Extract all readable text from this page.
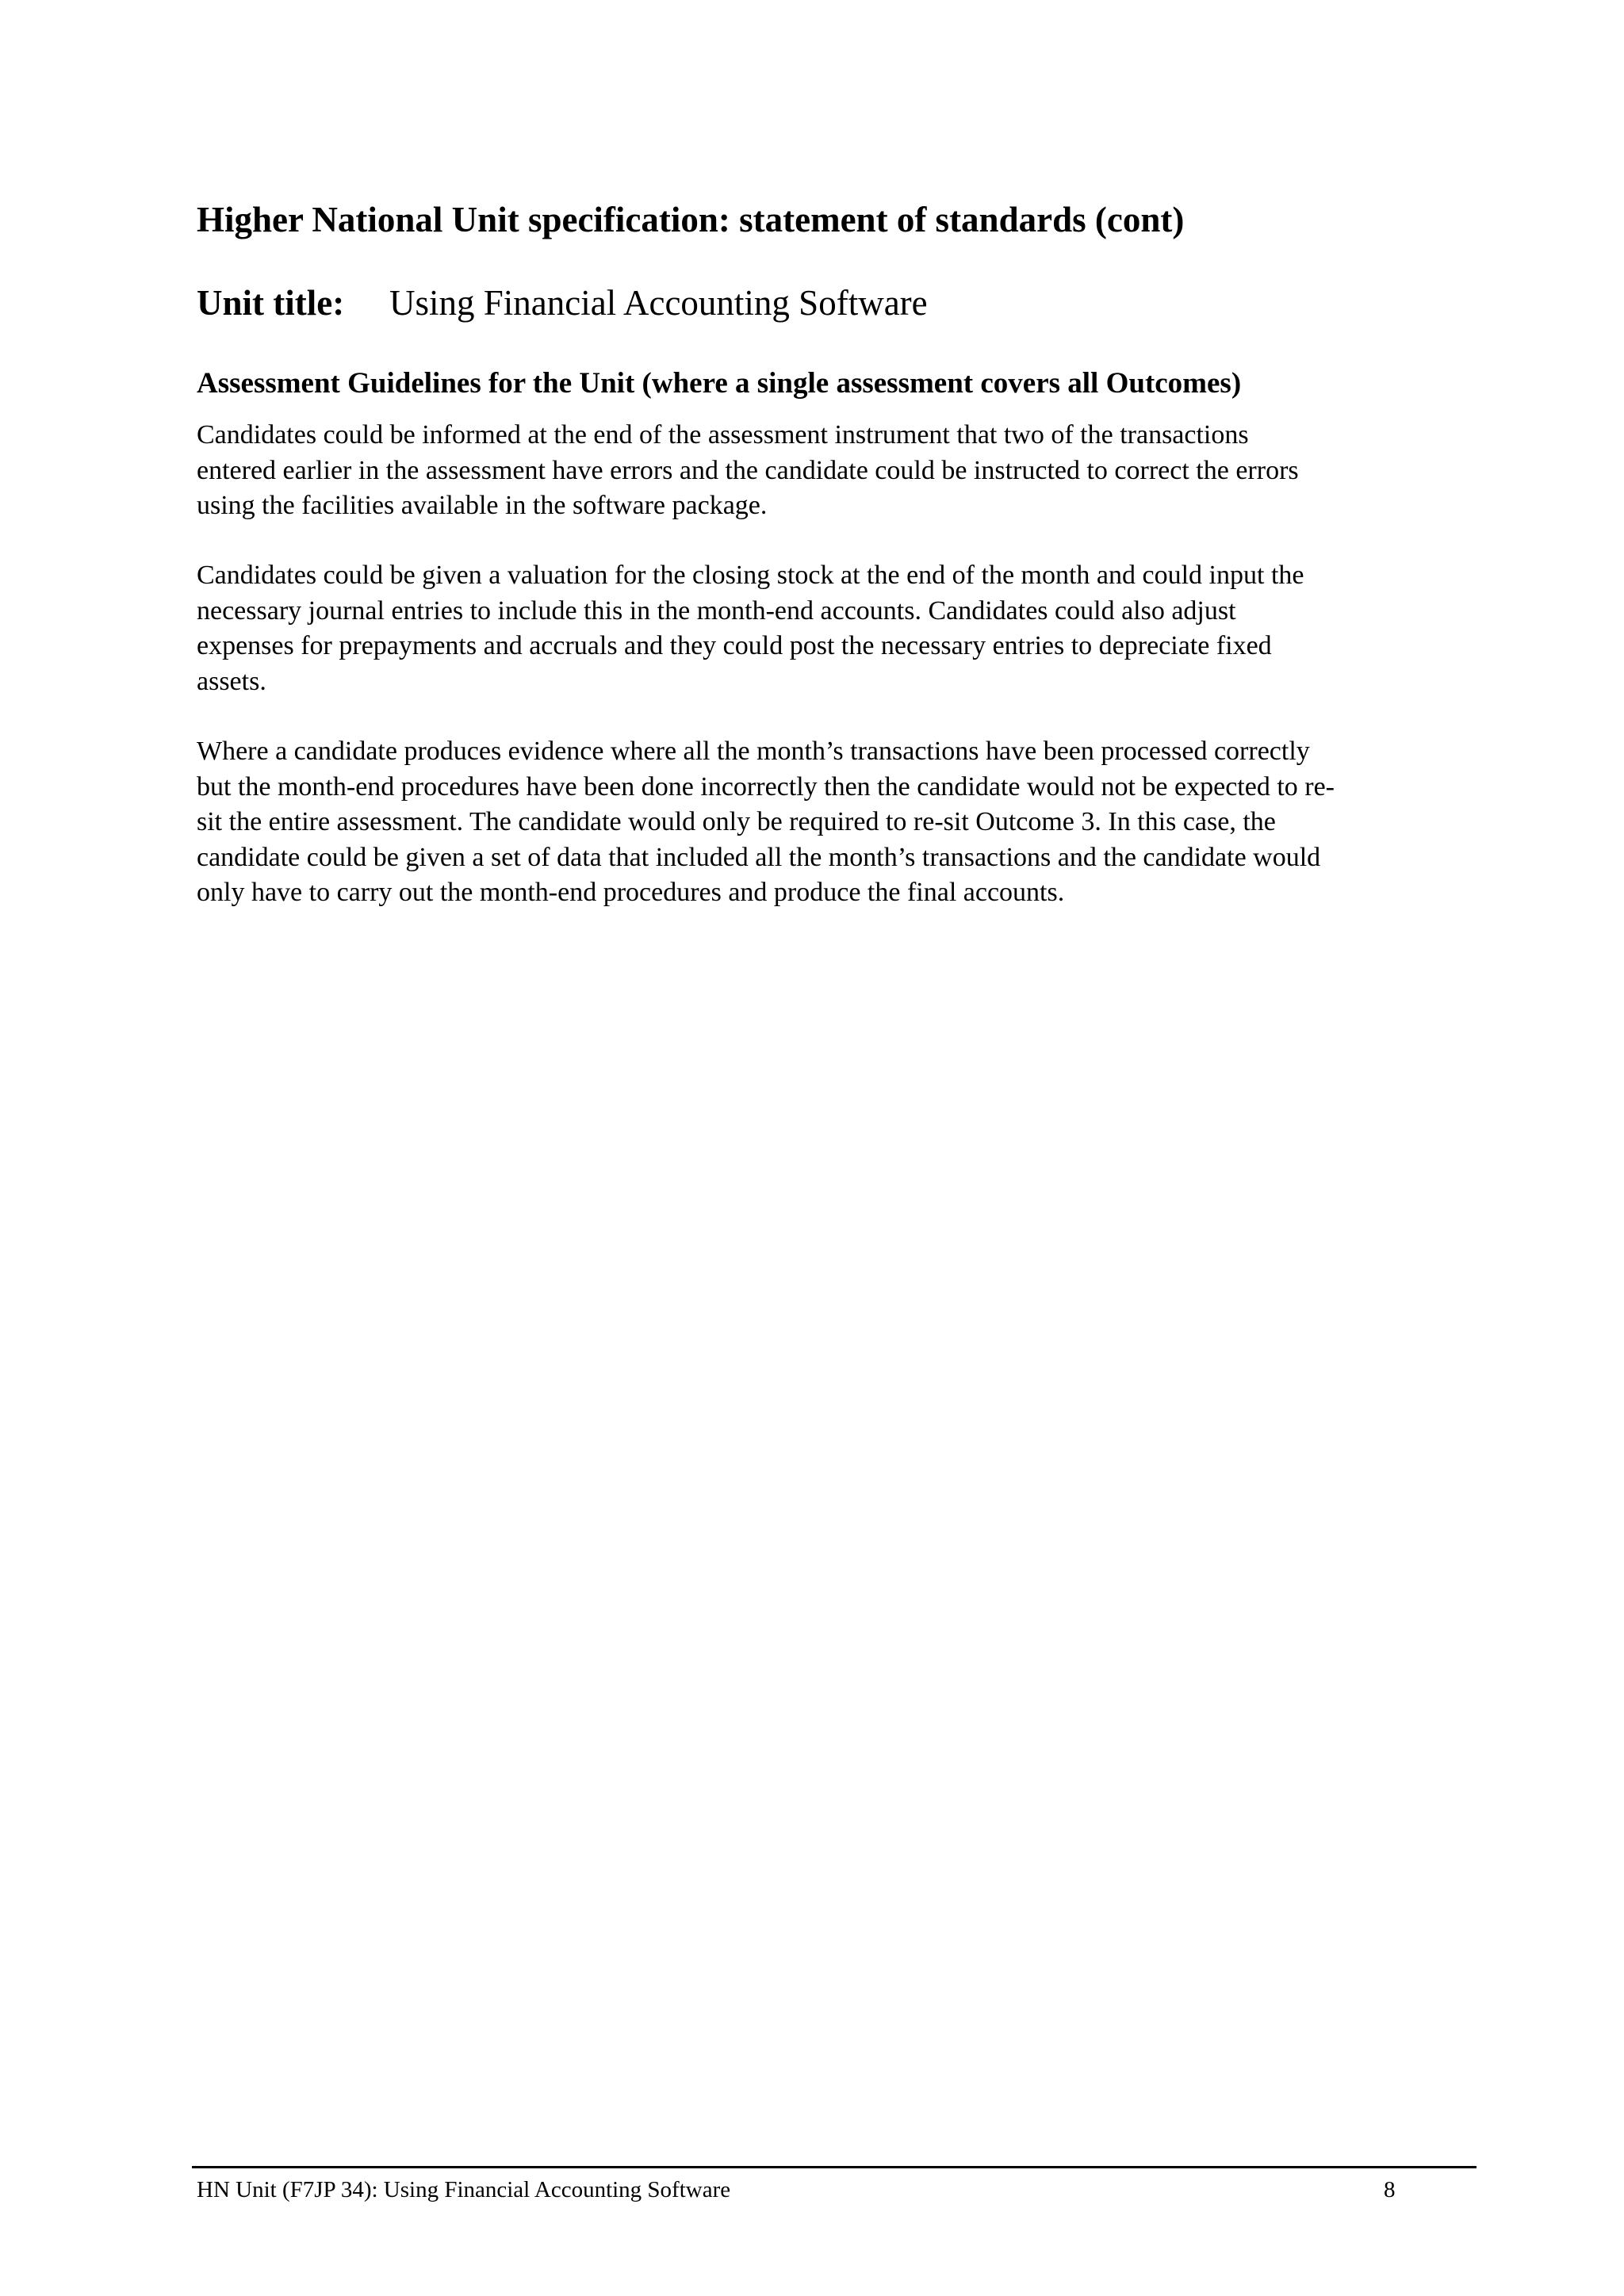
Higher National Unit specification: statement of standards (cont)
Unit title: Using Financial Accounting Software
Assessment Guidelines for the Unit (where a single assessment covers all Outcomes)

Candidates could be informed at the end of the assessment instrument that two of the transactions
entered earlier in the assessment have errors and the candidate could be instructed to correct the errors
using the facilities available in the software package.

Candidates could be given a valuation for the closing stock at the end of the month and could input the
necessary journal entries to include this in the month-end accounts. Candidates could also adjust
expenses for prepayments and accruals and they could post the necessary entries to depreciate fixed
assets.

Where a candidate produces evidence where all the month’s transactions have been processed correctly
but the month-end procedures have been done incorrectly then the candidate would not be expected to re-
sit the entire assessment. The candidate would only be required to re-sit Outcome 3. In this case, the
candidate could be given a set of data that included all the month’s transactions and the candidate would
only have to carry out the month-end procedures and produce the final accounts.

HN Unit (F7JP 34): Using Financial Accounting Software	8
